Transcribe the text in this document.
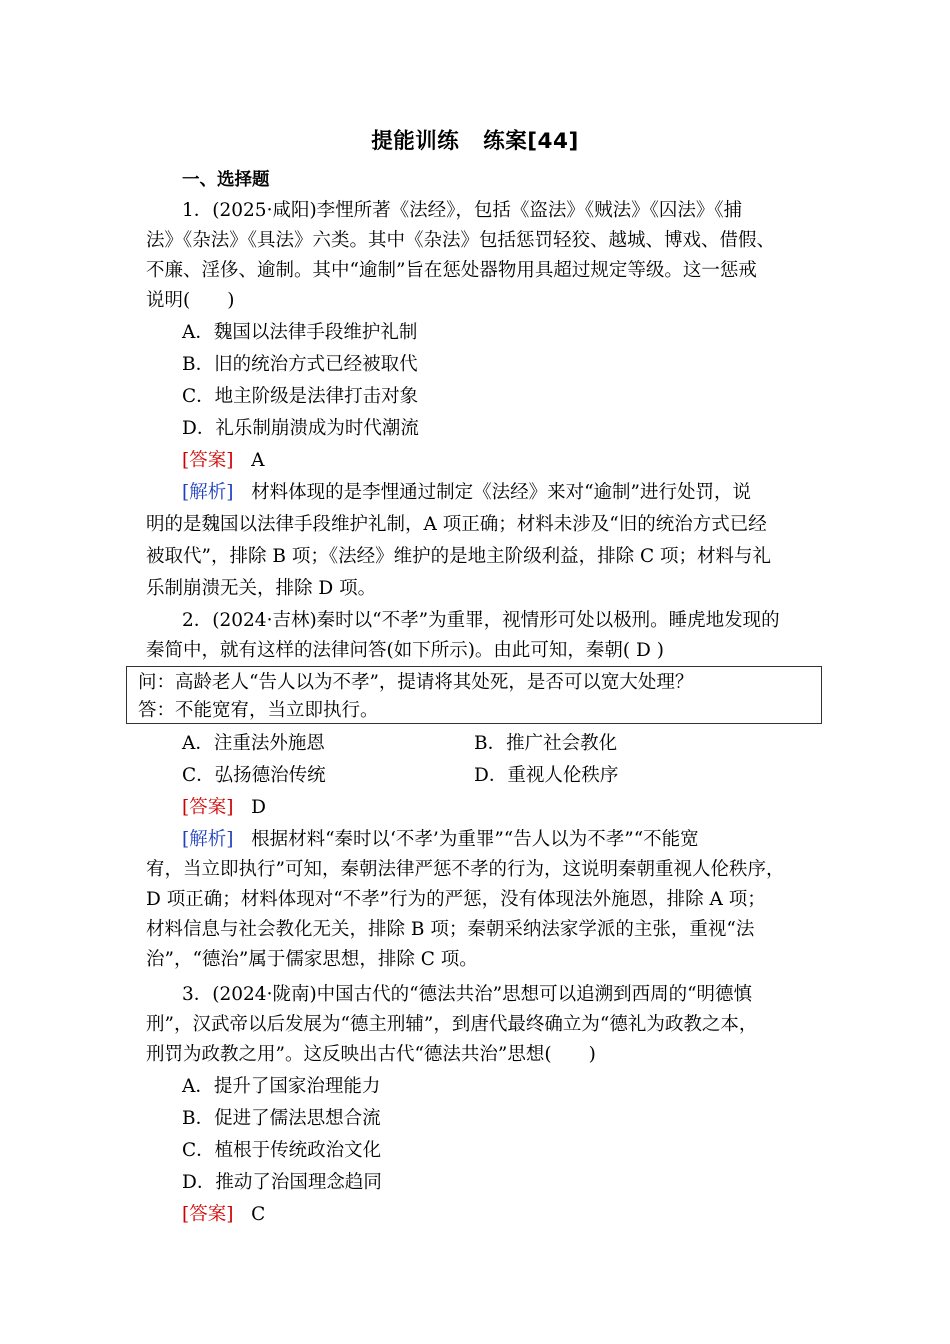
提能训练 练案[44]
一、选择题
1．(2025·咸阳)李悝所著《法经》，包括《盗法》《贼法》《囚法》《捕
法》《杂法》《具法》六类。其中《杂法》包括惩罚轻狡、越城、博戏、借假、
不廉、淫侈、逾制。其中“逾制”旨在惩处器物用具超过规定等级。这一惩戒
说明(　　)
A．魏国以法律手段维护礼制
B．旧的统治方式已经被取代
C．地主阶级是法律打击对象
D．礼乐制崩溃成为时代潮流
[答案] A
[解析] 材料体现的是李悝通过制定《法经》来对“逾制”进行处罚，说
明的是魏国以法律手段维护礼制，A 项正确；材料未涉及“旧的统治方式已经
被取代”，排除 B 项；《法经》维护的是地主阶级利益，排除 C 项；材料与礼
乐制崩溃无关，排除 D 项。
2．(2024·吉林)秦时以“不孝”为重罪，视情形可处以极刑。睡虎地发现的
秦简中，就有这样的法律问答(如下所示)。由此可知，秦朝( D )
问：高龄老人“告人以为不孝”，提请将其处死，是否可以宽大处理？
答：不能宽宥，当立即执行。
A．注重法外施恩	B．推广社会教化
C．弘扬德治传统	D．重视人伦秩序
[答案] D
[解析] 根据材料“秦时以‘不孝’为重罪”“告人以为不孝”“不能宽
宥，当立即执行”可知，秦朝法律严惩不孝的行为，这说明秦朝重视人伦秩序，
D 项正确；材料体现对“不孝”行为的严惩，没有体现法外施恩，排除 A 项；
材料信息与社会教化无关，排除 B 项；秦朝采纳法家学派的主张，重视“法
治”，“德治”属于儒家思想，排除 C 项。
3．(2024·陇南)中国古代的“德法共治”思想可以追溯到西周的“明德慎
刑”，汉武帝以后发展为“德主刑辅”，到唐代最终确立为“德礼为政教之本，
刑罚为政教之用”。这反映出古代“德法共治”思想(　　)
A．提升了国家治理能力
B．促进了儒法思想合流
C．植根于传统政治文化
D．推动了治国理念趋同
[答案] C
